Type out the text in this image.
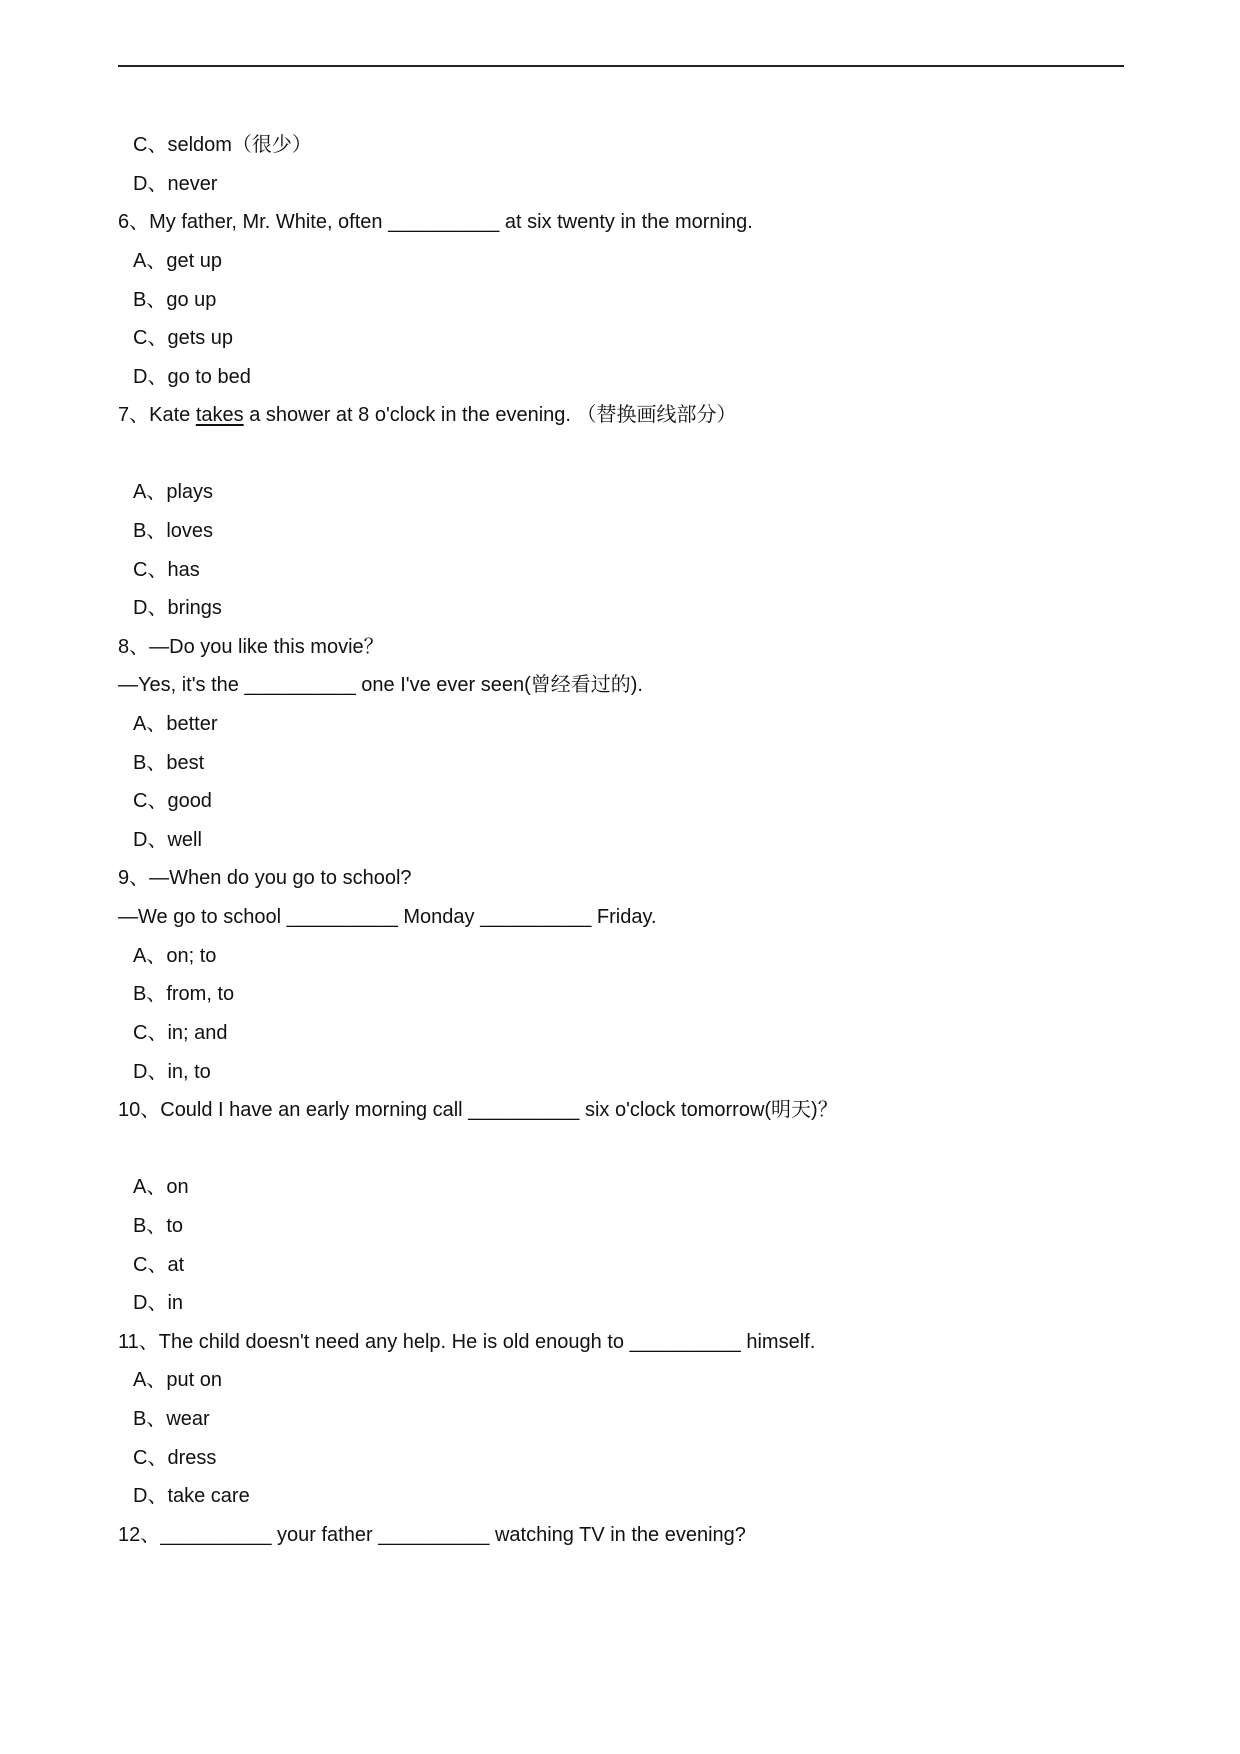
C、seldom（很少）
D、never
6、My father, Mr. White, often __________ at six twenty in the morning.
A、get up
B、go up
C、gets up
D、go to bed
7、Kate takes a shower at 8 o'clock in the evening. （替换画线部分）
A、plays
B、loves
C、has
D、brings
8、—Do you like this movie？
—Yes, it's the __________ one I've ever seen(曾经看过的).
A、better
B、best
C、good
D、well
9、—When do you go to school?
—We go to school __________ Monday __________ Friday.
A、on; to
B、from, to
C、in; and
D、in, to
10、Could I have an early morning call __________ six o'clock tomorrow(明天)？
A、on
B、to
C、at
D、in
11、The child doesn't need any help. He is old enough to __________ himself.
A、put on
B、wear
C、dress
D、take care
12、__________ your father __________ watching TV in the evening?
